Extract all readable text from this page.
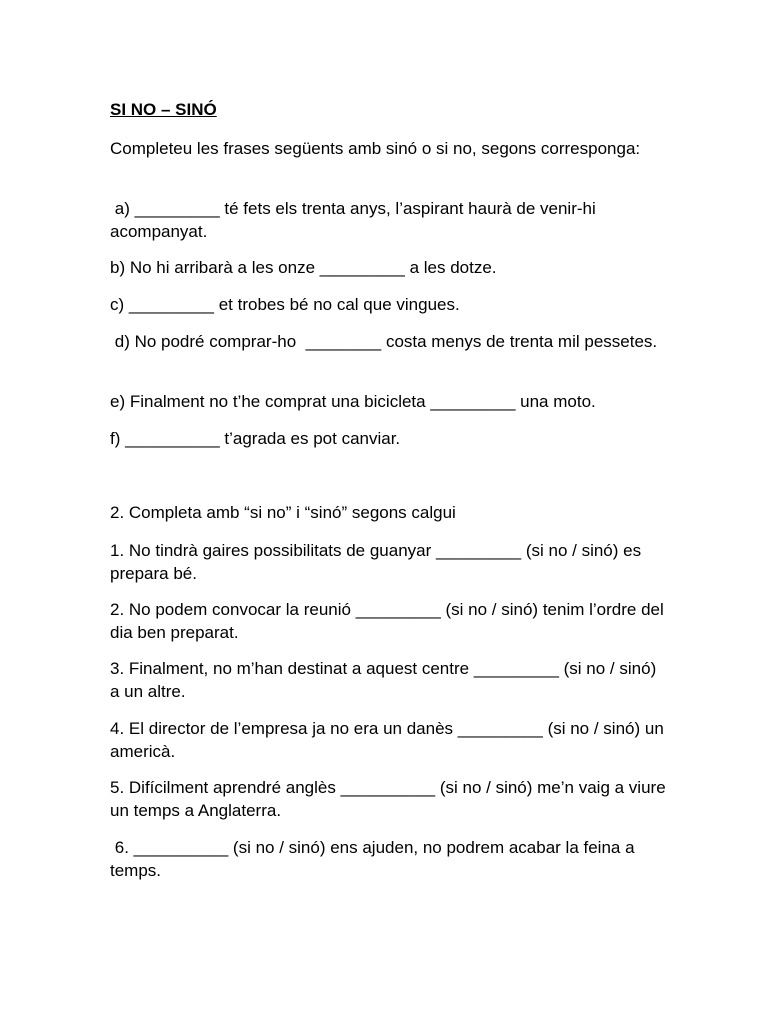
SI NO – SINÓ

Completeu les frases següents amb sinó o si no, segons corresponga:

a) _________ té fets els trenta anys, l’aspirant haurà de venir-hi acompanyat.

b) No hi arribarà a les onze _________ a les dotze.

c) _________ et trobes bé no cal que vingues.

d) No podré comprar-ho  ________ costa menys de trenta mil pessetes.

e) Finalment no t’he comprat una bicicleta _________ una moto.

f) __________ t’agrada es pot canviar.

2. Completa amb “si no” i “sinó” segons calgui

1. No tindrà gaires possibilitats de guanyar _________ (si no / sinó) es prepara bé.

2. No podem convocar la reunió _________ (si no / sinó) tenim l’ordre del dia ben preparat.

3. Finalment, no m’han destinat a aquest centre _________ (si no / sinó) a un altre.

4. El director de l’empresa ja no era un danès _________ (si no / sinó) un americà.

5. Difícilment aprendré anglès __________ (si no / sinó) me’n vaig a viure un temps a Anglaterra.

6. __________ (si no / sinó) ens ajuden, no podrem acabar la feina a temps.
